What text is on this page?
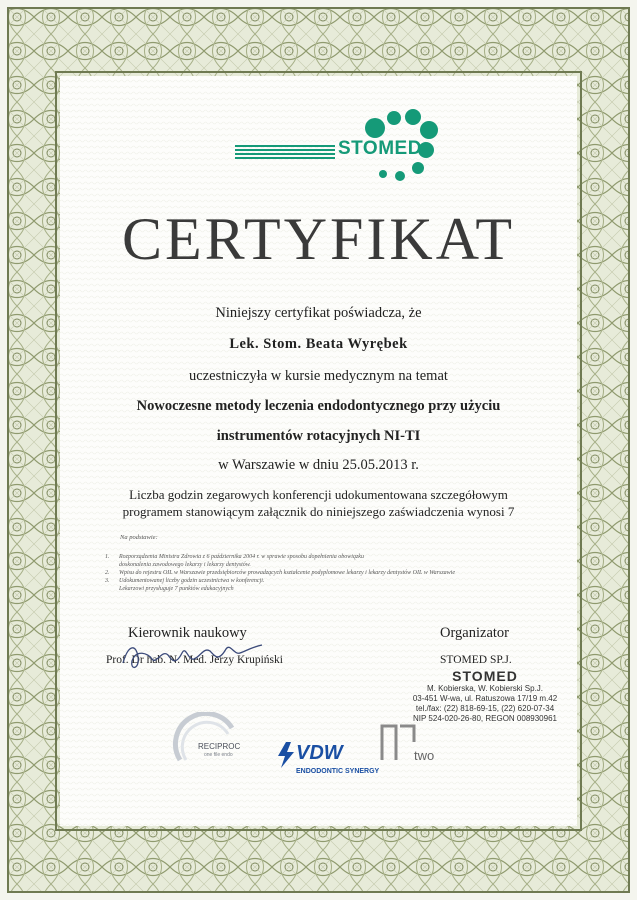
STOMED
CERTYFIKAT
Niniejszy certyfikat poświadcza, że
Lek. Stom. Beata Wyrębek
uczestniczyła w kursie medycznym na temat
Nowoczesne metody leczenia endodontycznego przy użyciu
instrumentów rotacyjnych NI-TI
w Warszawie w dniu 25.05.2013 r.
Liczba godzin zegarowych konferencji udokumentowana szczegółowym
programem stanowiącym załącznik do niniejszego zaświadczenia wynosi 7
Na podstawie:
1. Rozporządzenia Ministra Zdrowia z 6 października 2004 r. w sprawie sposobu dopełnienia obowiązku
doskonalenia zawodowego lekarzy i lekarzy dentystów.
2. Wpisu do rejestru OIL w Warszawie przedsiębiorców prowadzących kształcenie podyplomowe lekarzy i lekarzy dentystów OIL w Warszawie
3. Udokumentowanej liczby godzin uczestnictwa w konferencji.
Lekarzowi przysługuje 7 punktów edukacyjnych
Kierownik naukowy
Prof. Dr hab. N. Med. Jerzy Krupiński
Organizator
STOMED SP.J.
STOMED
M. Kobierska, W. Kobierski Sp.J.
03-451 W-wa, ul. Ratuszowa 17/19 m.42
tel./fax: (22) 818-69-15, (22) 620-07-34
NIP 524-020-26-80, REGON 008930961
RECIPROC
one file endo	VDW
ENDODONTIC SYNERGY
two
